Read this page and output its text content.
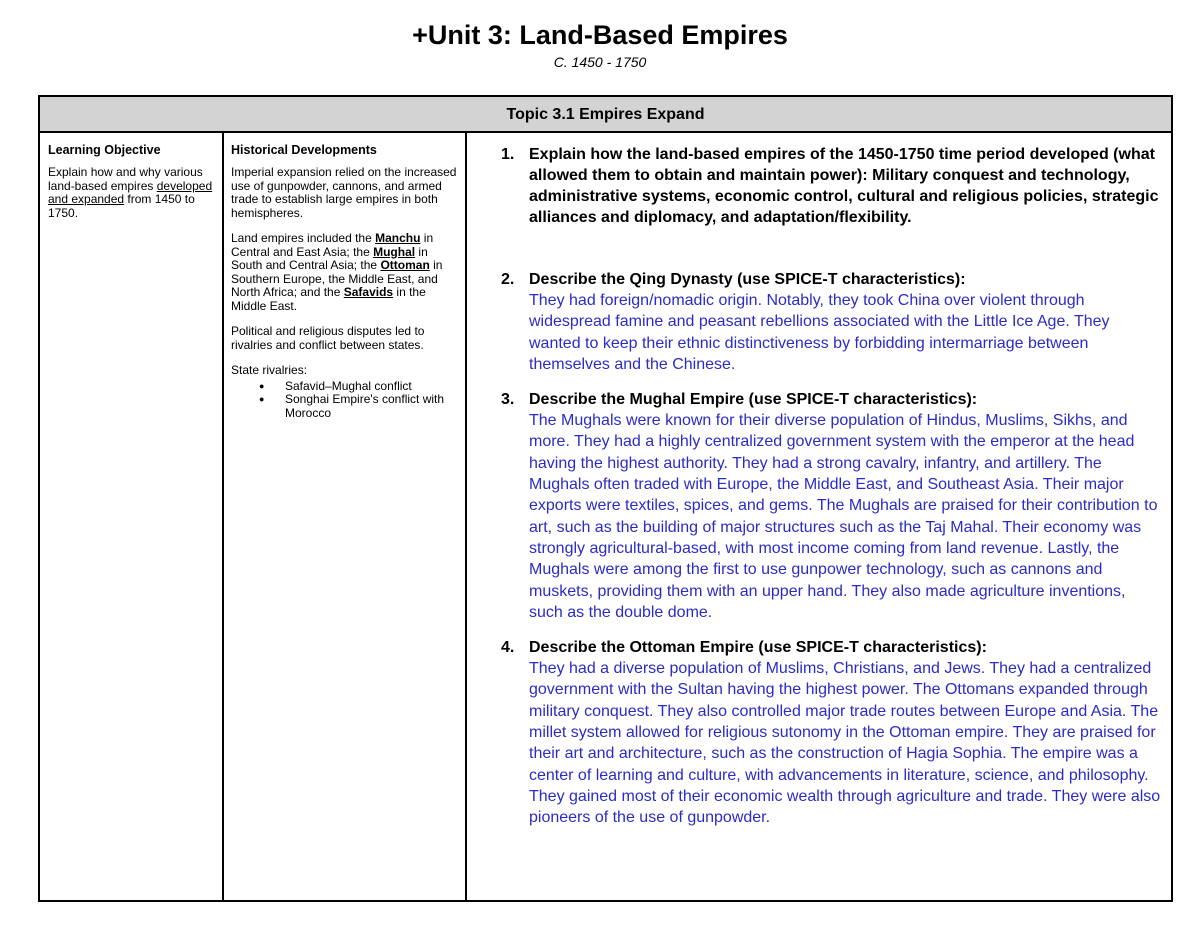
+Unit 3: Land-Based Empires
C. 1450 - 1750
Topic 3.1 Empires Expand
Learning Objective

Explain how and why various land-based empires developed and expanded from 1450 to 1750.

Historical Developments

Imperial expansion relied on the increased use of gunpowder, cannons, and armed trade to establish large empires in both hemispheres.

Land empires included the Manchu in Central and East Asia; the Mughal in South and Central Asia; the Ottoman in Southern Europe, the Middle East, and North Africa; and the Safavids in the Middle East.

Political and religious disputes led to rivalries and conflict between states.

State rivalries:

● Safavid–Mughal conflict
● Songhai Empire's conflict with Morocco
1. Explain how the land-based empires of the 1450-1750 time period developed (what allowed them to obtain and maintain power): Military conquest and technology, administrative systems, economic control, cultural and religious policies, strategic alliances and diplomacy, and adaptation/flexibility.
2. Describe the Qing Dynasty (use SPICE-T characteristics):
They had foreign/nomadic origin. Notably, they took China over violent through widespread famine and peasant rebellions associated with the Little Ice Age. They wanted to keep their ethnic distinctiveness by forbidding intermarriage between themselves and the Chinese.
3. Describe the Mughal Empire (use SPICE-T characteristics):
The Mughals were known for their diverse population of Hindus, Muslims, Sikhs, and more. They had a highly centralized government system with the emperor at the head having the highest authority. They had a strong cavalry, infantry, and artillery. The Mughals often traded with Europe, the Middle East, and Southeast Asia. Their major exports were textiles, spices, and gems. The Mughals are praised for their contribution to art, such as the building of major structures such as the Taj Mahal. Their economy was strongly agricultural-based, with most income coming from land revenue. Lastly, the Mughals were among the first to use gunpower technology, such as cannons and muskets, providing them with an upper hand. They also made agriculture inventions, such as the double dome.
4. Describe the Ottoman Empire (use SPICE-T characteristics):
They had a diverse population of Muslims, Christians, and Jews. They had a centralized government with the Sultan having the highest power. The Ottomans expanded through military conquest. They also controlled major trade routes between Europe and Asia. The millet system allowed for religious sutonomy in the Ottoman empire. They are praised for their art and architecture, such as the construction of Hagia Sophia. The empire was a center of learning and culture, with advancements in literature, science, and philosophy. They gained most of their economic wealth through agriculture and trade. They were also pioneers of the use of gunpowder.
